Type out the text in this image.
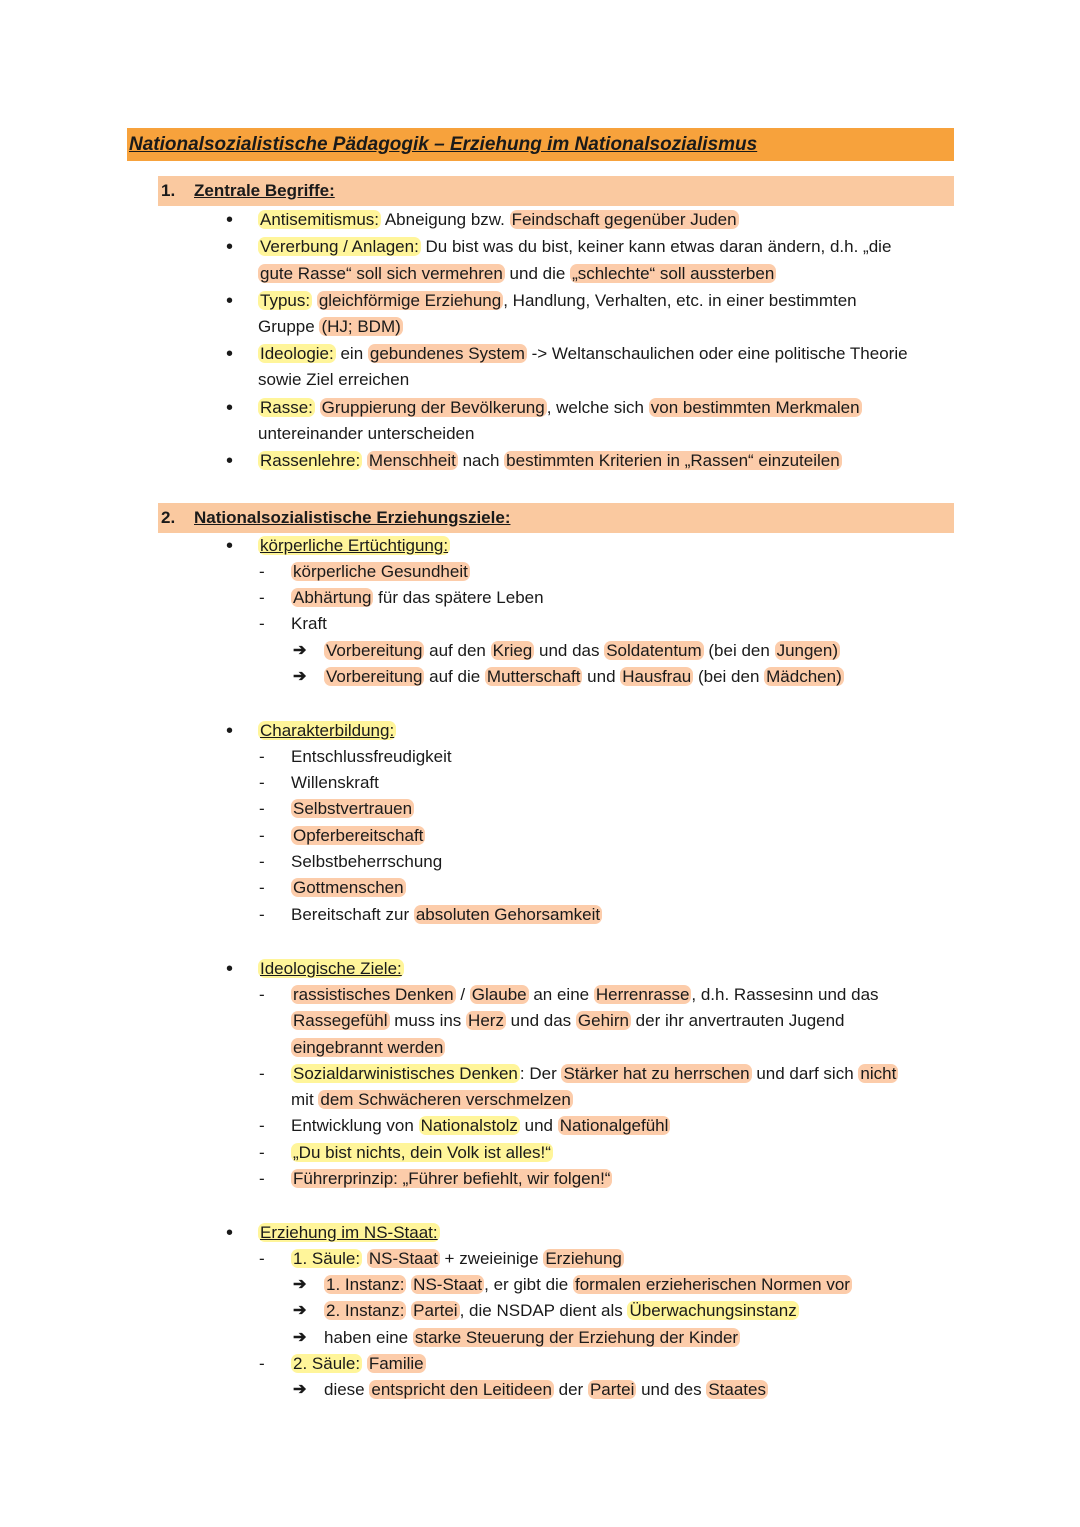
Nationalsozialistische Pädagogik – Erziehung im Nationalsozialismus
1. Zentrale Begriffe:
2. Nationalsozialistische Erziehungsziele:
• Antisemitismus: Abneigung bzw. Feindschaft gegenüber Juden
• Vererbung / Anlagen: Du bist was du bist, keiner kann etwas daran ändern, d.h. „die
gute Rasse“ soll sich vermehren und die „schlechte“ soll aussterben
• Typus: gleichförmige Erziehung , Handlung, Verhalten, etc. in einer bestimmten
Gruppe (HJ; BDM)
• Ideologie: ein gebundenes System -> Weltanschaulichen oder eine politische Theorie
sowie Ziel erreichen
• Rasse: Gruppierung der Bevölkerung , welche sich von bestimmten Merkmalen
untereinander unterscheiden
• Rassenlehre: Menschheit nach bestimmten Kriterien in „Rassen“ einzuteilen
• körperliche Ertüchtigung:
- körperliche Gesundheit
- Abhärtung für das spätere Leben
- Kraft
➔ Vorbereitung auf den Krieg und das Soldatentum (bei den Jungen)
➔ Vorbereitung auf die Mutterschaft und Hausfrau (bei den Mädchen)
• Charakterbildung:
- Entschlussfreudigkeit
- Willenskraft
- Selbstvertrauen
- Opferbereitschaft
- Selbstbeherrschung
- Gottmenschen
- Bereitschaft zur absoluten Gehorsamkeit
• Ideologische Ziele:
- rassistisches Denken / Glaube an eine Herrenrasse , d.h. Rassesinn und das
Rassegefühl muss ins Herz und das Gehirn der ihr anvertrauten Jugend
eingebrannt werden
- Sozialdarwinistisches Denken : Der Stärker hat zu herrschen und darf sich nicht
mit dem Schwächeren verschmelzen
- Entwicklung von Nationalstolz und Nationalgefühl
- „Du bist nichts, dein Volk ist alles!“
- Führerprinzip: „Führer befiehlt, wir folgen!“
• Erziehung im NS-Staat:
- 1. Säule: NS-Staat + zweieinige Erziehung
➔ 1. Instanz: NS-Staat , er gibt die formalen erzieherischen Normen vor
➔ 2. Instanz: Partei , die NSDAP dient als Überwachungsinstanz
➔ haben eine starke Steuerung der Erziehung der Kinder
- 2. Säule: Familie
➔ diese entspricht den Leitideen der Partei und des Staates
